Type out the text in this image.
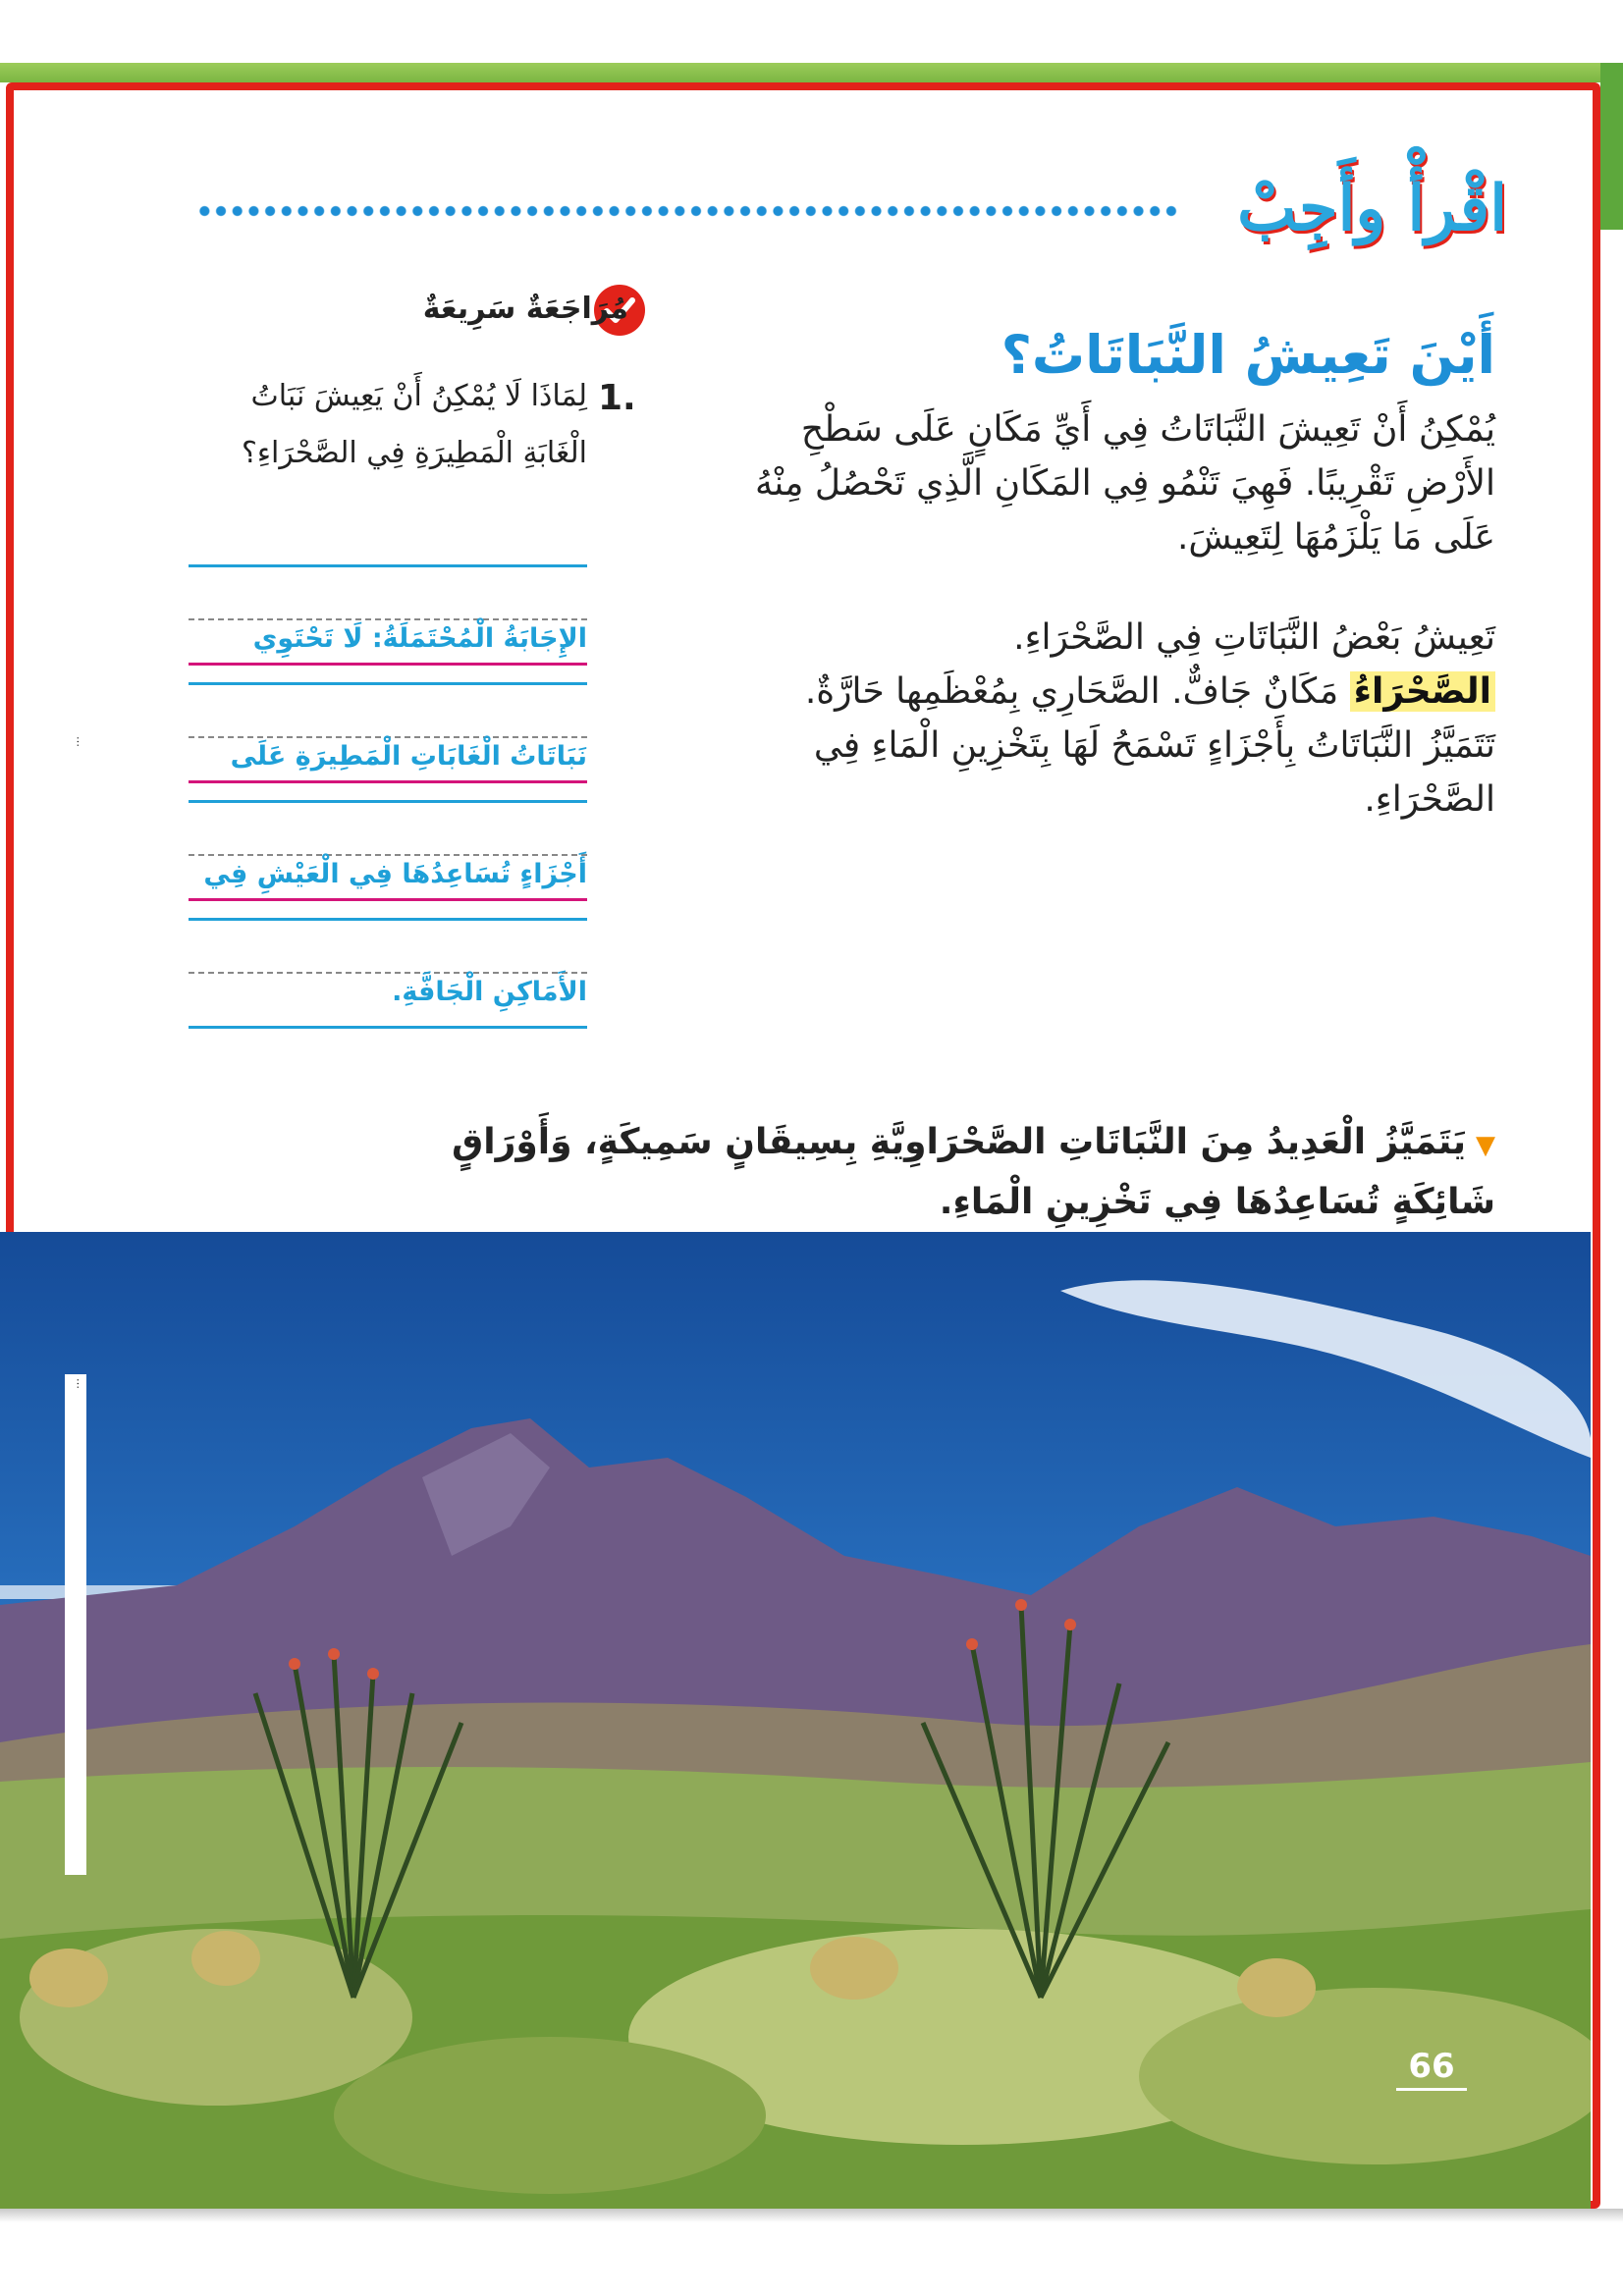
اقْرأْ وأَجِبْ
أَيْنَ تَعِيشُ النَّبَاتَاتُ؟
يُمْكِنُ أَنْ تَعِيشَ النَّبَاتَاتُ فِي أَيِّ مَكَانٍ عَلَى سَطْحِ الأَرْضِ تَقْرِيبًا. فَهِيَ تَنْمُو فِي المَكَانِ الَّذِي تَحْصُلُ مِنْهُ عَلَى مَا يَلْزَمُهَا لِتَعِيشَ.
تَعِيشُ بَعْضُ النَّبَاتَاتِ فِي الصَّحْرَاءِ.
الصَّحْرَاءُ مَكَانٌ جَافٌّ. الصَّحَارِي بِمُعْظَمِها حَارَّةٌ. تَتَمَيَّزُ النَّبَاتَاتُ بِأَجْزَاءٍ تَسْمَحُ لَهَا بِتَخْزِينِ الْمَاءِ فِي الصَّحْرَاءِ.
مُرَاجَعَةٌ سَرِيعَةٌ
1.
لِمَاذَا لَا يُمْكِنُ أَنْ يَعِيشَ نَبَاتُ الْغَابَةِ الْمَطِيرَةِ فِي الصَّحْرَاءِ؟
الإِجَابَةُ الْمُحْتَمَلَةُ: لَا تَحْتَوِي
نَبَاتَاتُ الْغَابَاتِ الْمَطِيرَةِ عَلَى
أَجْزَاءٍ تُسَاعِدُهَا فِي الْعَيْشِ فِي
الأَمَاكِنِ الْجَافَّةِ.
▼يَتَمَيَّزُ الْعَدِيدُ مِنَ النَّبَاتَاتِ الصَّحْرَاوِيَّةِ بِسِيقَانٍ سَمِيكَةٍ، وَأَوْرَاقٍ شَائِكَةٍ تُسَاعِدُهَا فِي تَخْزِينِ الْمَاءِ.
…
…
66
